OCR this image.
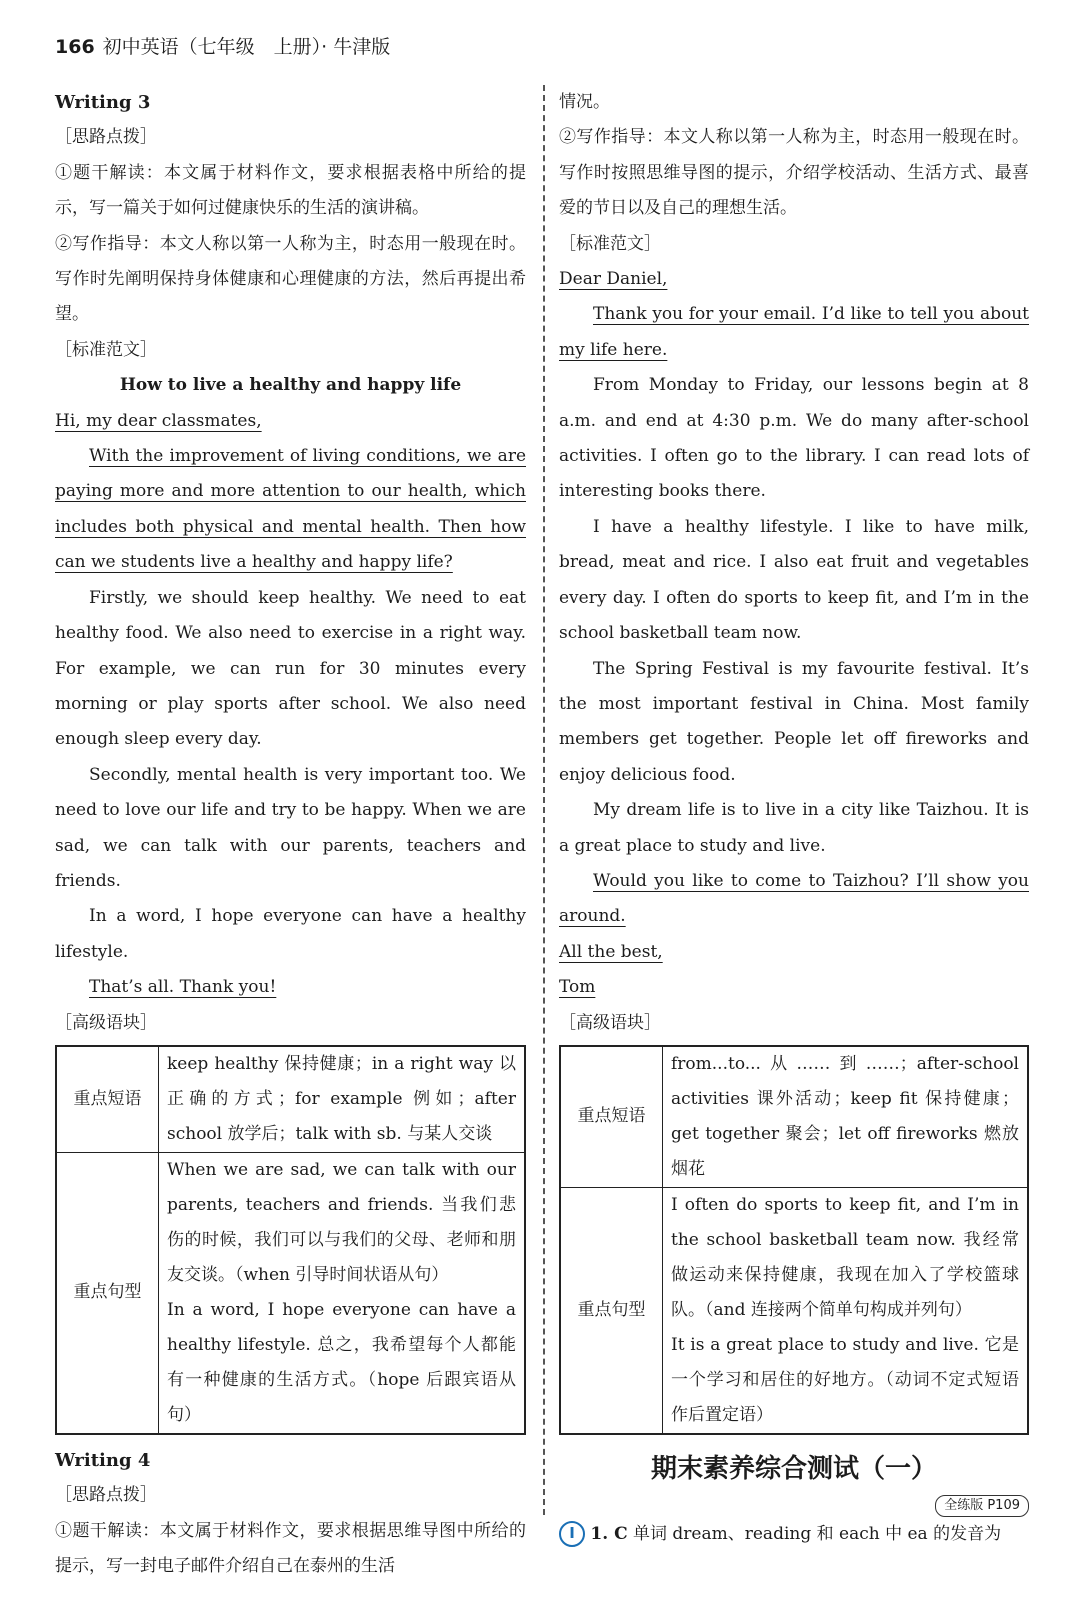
166 初中英语（七年级　上册）· 牛津版

Writing 3

［思路点拨］

①题干解读：本文属于材料作文，要求根据表格中所给的提示，写一篇关于如何过健康快乐的生活的演讲稿。

②写作指导：本文人称以第一人称为主，时态用一般现在时。写作时先阐明保持身体健康和心理健康的方法，然后再提出希望。

［标准范文］

How to live a healthy and happy life

Hi, my dear classmates,

With the improvement of living conditions, we are paying more and more attention to our health, which includes both physical and mental health. Then how can we students live a healthy and happy life?

Firstly, we should keep healthy. We need to eat healthy food. We also need to exercise in a right way. For example, we can run for 30 minutes every morning or play sports after school. We also need enough sleep every day.

Secondly, mental health is very important too. We need to love our life and try to be happy. When we are sad, we can talk with our parents, teachers and friends.

In a word, I hope everyone can have a healthy lifestyle.

That’s all. Thank you!

［高级语块］

重点短语	keep healthy 保持健康；in a right way 以正确的方式；for example 例如；after school 放学后；talk with sb. 与某人交谈
重点句型	When we are sad, we can talk with our parents, teachers and friends. 当我们悲伤的时候，我们可以与我们的父母、老师和朋友交谈。（when 引导时间状语从句）
In a word, I hope everyone can have a healthy lifestyle. 总之，我希望每个人都能有一种健康的生活方式。（hope 后跟宾语从句）

Writing 4

［思路点拨］

①题干解读：本文属于材料作文，要求根据思维导图中所给的提示，写一封电子邮件介绍自己在泰州的生活

情况。

②写作指导：本文人称以第一人称为主，时态用一般现在时。写作时按照思维导图的提示，介绍学校活动、生活方式、最喜爱的节日以及自己的理想生活。

［标准范文］

Dear Daniel,

Thank you for your email. I’d like to tell you about my life here.

From Monday to Friday, our lessons begin at 8 a.m. and end at 4:30 p.m. We do many after-school activities. I often go to the library. I can read lots of interesting books there.

I have a healthy lifestyle. I like to have milk, bread, meat and rice. I also eat fruit and vegetables every day. I often do sports to keep fit, and I’m in the school basketball team now.

The Spring Festival is my favourite festival. It’s the most important festival in China. Most family members get together. People let off fireworks and enjoy delicious food.

My dream life is to live in a city like Taizhou. It is a great place to study and live.

Would you like to come to Taizhou? I’ll show you around.

All the best,

Tom

［高级语块］

重点短语	from...to...从……到……；after-school activities 课外活动；keep fit 保持健康；get together 聚会；let off fireworks 燃放烟花
重点句型	I often do sports to keep fit, and I’m in the school basketball team now. 我经常做运动来保持健康，我现在加入了学校篮球队。（and 连接两个简单句构成并列句）
It is a great place to study and live. 它是一个学习和居住的好地方。（动词不定式短语作后置定语）
期末素养综合测试（一）
全练版 P109

I 1. C 单词 dream、reading 和 each 中 ea 的发音为
